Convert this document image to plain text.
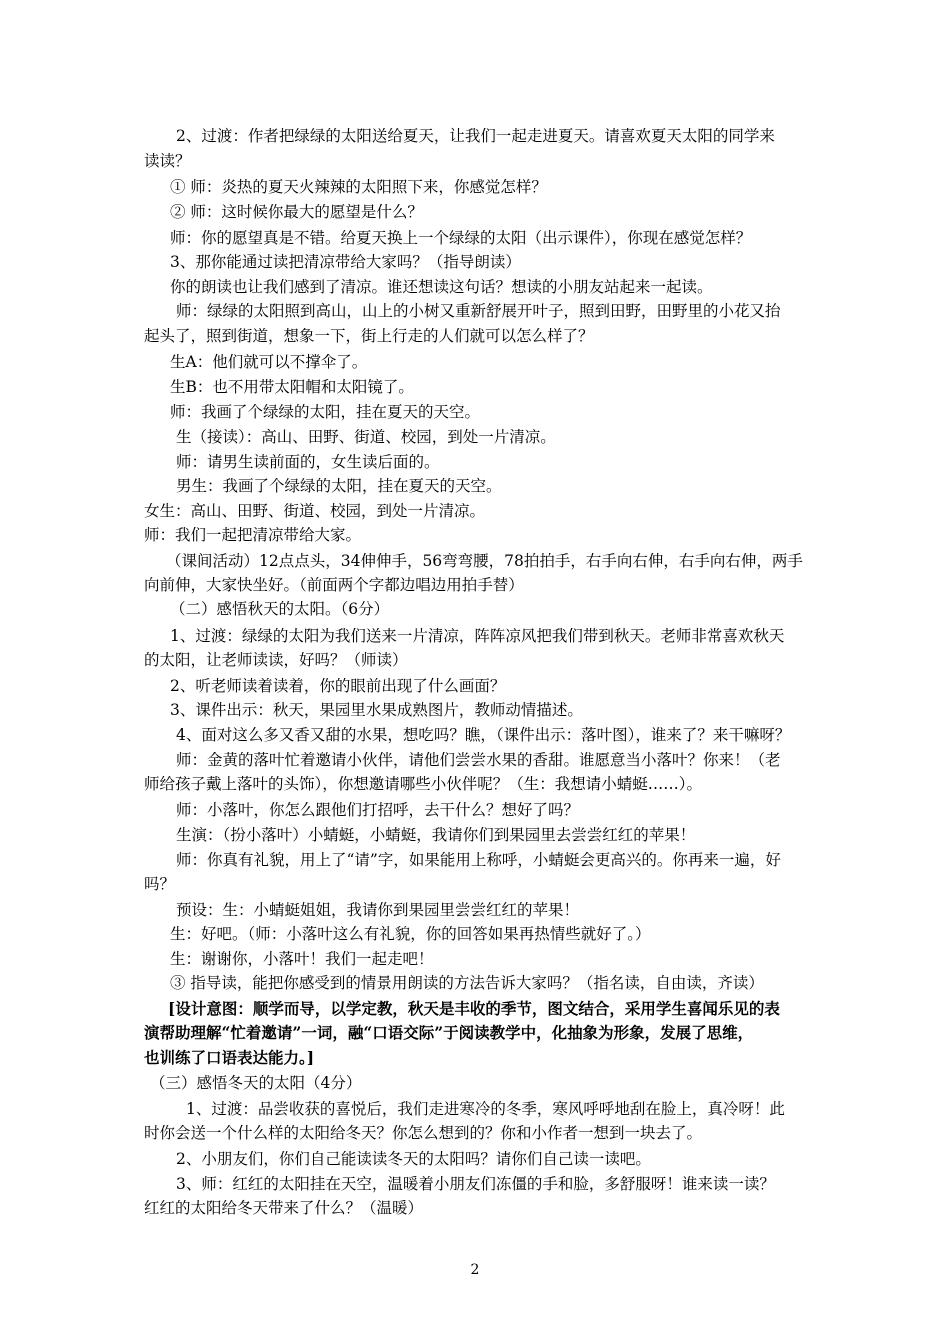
2、过渡：作者把绿绿的太阳送给夏天，让我们一起走进夏天。请喜欢夏天太阳的同学来
读读？
① 师：炎热的夏天火辣辣的太阳照下来，你感觉怎样？
② 师：这时候你最大的愿望是什么？
师：你的愿望真是不错。给夏天换上一个绿绿的太阳（出示课件），你现在感觉怎样？
3、那你能通过读把清凉带给大家吗？（指导朗读）
你的朗读也让我们感到了清凉。谁还想读这句话？想读的小朋友站起来一起读。
师：绿绿的太阳照到高山，山上的小树又重新舒展开叶子，照到田野，田野里的小花又抬
起头了，照到街道，想象一下，街上行走的人们就可以怎么样了？
生A：他们就可以不撑伞了。
生B：也不用带太阳帽和太阳镜了。
师：我画了个绿绿的太阳，挂在夏天的天空。
生（接读）：高山、田野、街道、校园，到处一片清凉。
师：请男生读前面的，女生读后面的。
男生：我画了个绿绿的太阳，挂在夏天的天空。
女生：高山、田野、街道、校园，到处一片清凉。
师：我们一起把清凉带给大家。
（课间活动）12点点头，34伸伸手，56弯弯腰，78拍拍手，右手向右伸，右手向右伸，两手
向前伸，大家快坐好。（前面两个字都边唱边用拍手替）
（二）感悟秋天的太阳。（6分）
1、过渡：绿绿的太阳为我们送来一片清凉，阵阵凉风把我们带到秋天。老师非常喜欢秋天
的太阳，让老师读读，好吗？（师读）
2、听老师读着读着，你的眼前出现了什么画面？
3、课件出示：秋天，果园里水果成熟图片，教师动情描述。
4、面对这么多又香又甜的水果，想吃吗？瞧，（课件出示：落叶图），谁来了？来干嘛呀？
师：金黄的落叶忙着邀请小伙伴，请他们尝尝水果的香甜。谁愿意当小落叶？你来！（老
师给孩子戴上落叶的头饰），你想邀请哪些小伙伴呢？（生：我想请小蜻蜓……）。
师：小落叶，你怎么跟他们打招呼，去干什么？想好了吗？
生演：（扮小落叶）小蜻蜓，小蜻蜓，我请你们到果园里去尝尝红红的苹果！
师：你真有礼貌，用上了“请”字，如果能用上称呼，小蜻蜓会更高兴的。你再来一遍，好
吗？
预设：生：小蜻蜓姐姐，我请你到果园里尝尝红红的苹果！
生：好吧。（师：小落叶这么有礼貌，你的回答如果再热情些就好了。）
生：谢谢你，小落叶！我们一起走吧！
③ 指导读，能把你感受到的情景用朗读的方法告诉大家吗？（指名读，自由读，齐读）
[设计意图：顺学而导，以学定教，秋天是丰收的季节，图文结合，采用学生喜闻乐见的表
演帮助理解“忙着邀请”一词，融“口语交际”于阅读教学中，化抽象为形象，发展了思维，
也训练了口语表达能力。]
（三）感悟冬天的太阳（4分）
1、过渡：品尝收获的喜悦后，我们走进寒冷的冬季，寒风呼呼地刮在脸上，真冷呀！此
时你会送一个什么样的太阳给冬天？你怎么想到的？你和小作者一想到一块去了。
2、小朋友们，你们自己能读读冬天的太阳吗？请你们自己读一读吧。
3、师：红红的太阳挂在天空，温暖着小朋友们冻僵的手和脸，多舒服呀！谁来读一读？
红红的太阳给冬天带来了什么？（温暖）
2
